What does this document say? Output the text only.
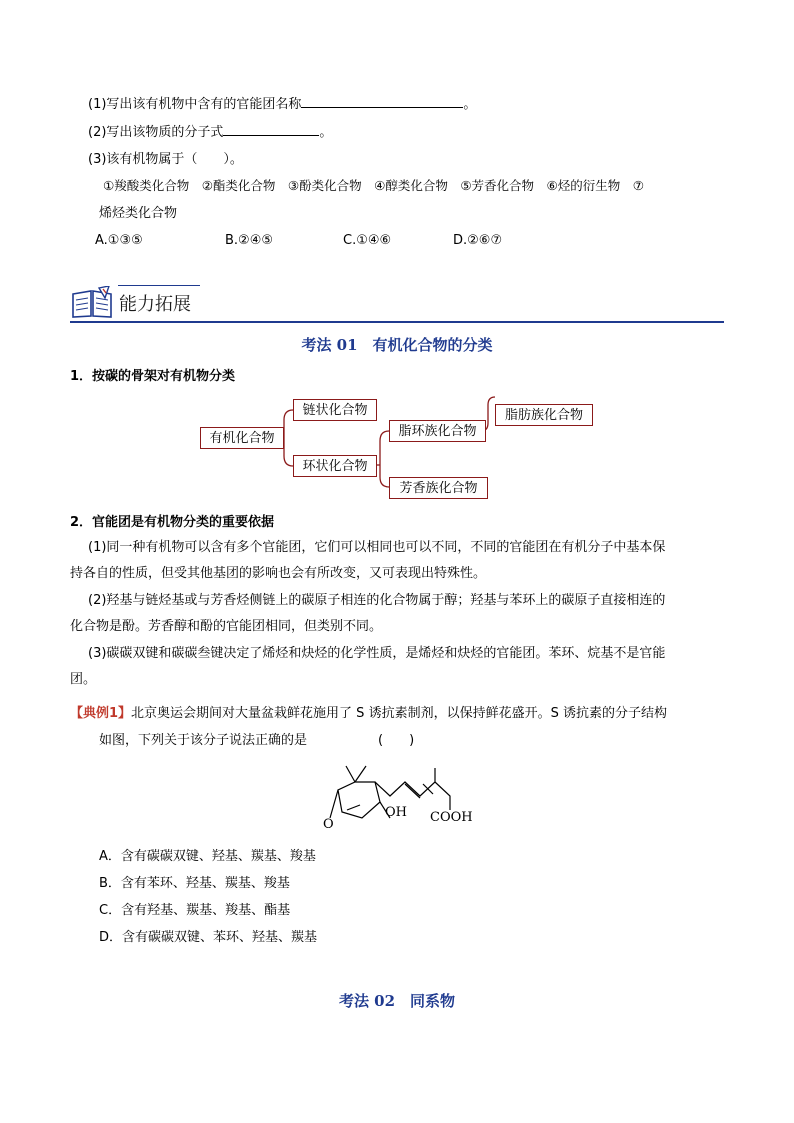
(1)写出该有机物中含有的官能团名称	。
(2)写出该物质的分子式	。
(3)该有机物属于（　　）。
①羧酸类化合物　②酯类化合物　③酚类化合物　④醇类化合物　⑤芳香化合物　⑥烃的衍生物　⑦
烯烃类化合物
A.①③⑤	B.②④⑤	C.①④⑥	D.②⑥⑦
能力拓展
考法 01　有机化合物的分类
1．按碳的骨架对有机物分类
有机化合物
链状化合物
环状化合物
脂环族化合物
脂肪族化合物
芳香族化合物
2．官能团是有机物分类的重要依据
(1)同一种有机物可以含有多个官能团，它们可以相同也可以不同，不同的官能团在有机分子中基本保
持各自的性质，但受其他基团的影响也会有所改变，又可表现出特殊性。
(2)羟基与链烃基或与芳香烃侧链上的碳原子相连的化合物属于醇；羟基与苯环上的碳原子直接相连的
化合物是酚。芳香醇和酚的官能团相同，但类别不同。
(3)碳碳双键和碳碳叁键决定了烯烃和炔烃的化学性质，是烯烃和炔烃的官能团。苯环、烷基不是官能
团。
【典例1】北京奥运会期间对大量盆栽鲜花施用了 S 诱抗素制剂，以保持鲜花盛开。S 诱抗素的分子结构
如图，下列关于该分子说法正确的是	(　　)
O
OH COOH
A．含有碳碳双键、羟基、羰基、羧基
B．含有苯环、羟基、羰基、羧基
C．含有羟基、羰基、羧基、酯基
D．含有碳碳双键、苯环、羟基、羰基
考法 02　同系物
